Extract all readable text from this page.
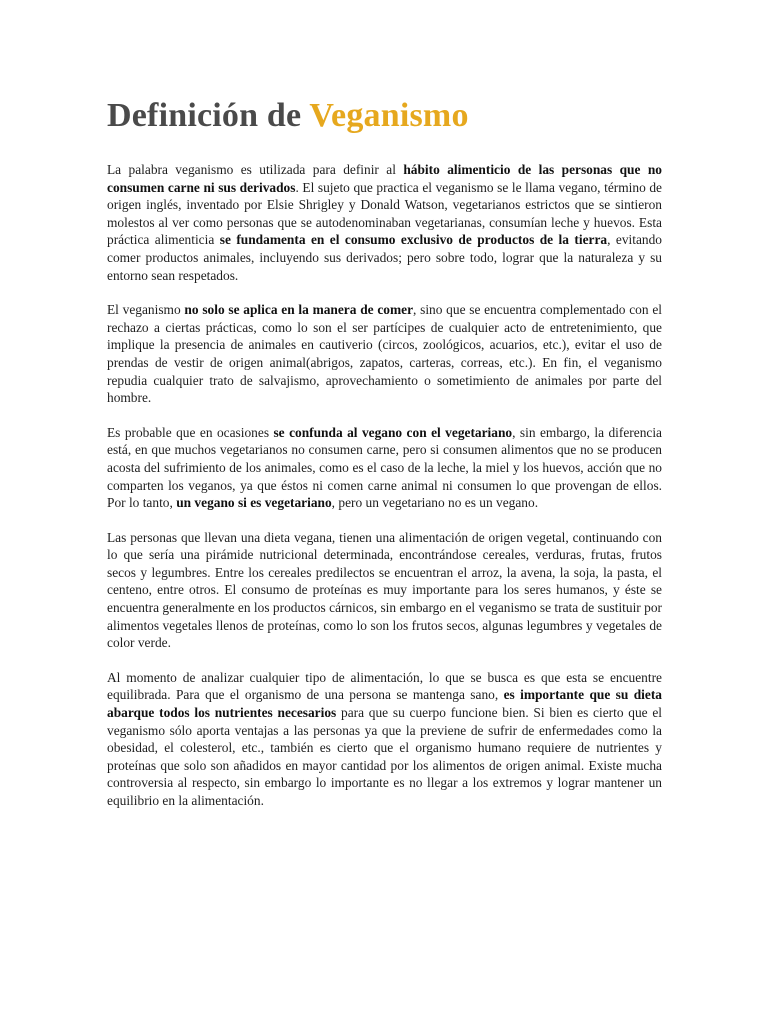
Definición de Veganismo

La palabra veganismo es utilizada para definir al hábito alimenticio de las personas que no consumen carne ni sus derivados. El sujeto que practica el veganismo se le llama vegano, término de origen inglés, inventado por Elsie Shrigley y Donald Watson, vegetarianos estrictos que se sintieron molestos al ver como personas que se autodenominaban vegetarianas, consumían leche y huevos. Esta práctica alimenticia se fundamenta en el consumo exclusivo de productos de la tierra, evitando comer productos animales, incluyendo sus derivados; pero sobre todo, lograr que la naturaleza y su entorno sean respetados.

El veganismo no solo se aplica en la manera de comer, sino que se encuentra complementado con el rechazo a ciertas prácticas, como lo son el ser partícipes de cualquier acto de entretenimiento, que implique la presencia de animales en cautiverio (circos, zoológicos, acuarios, etc.), evitar el uso de prendas de vestir de origen animal(abrigos, zapatos, carteras, correas, etc.). En fin, el veganismo repudia cualquier trato de salvajismo, aprovechamiento o sometimiento de animales por parte del hombre.

Es probable que en ocasiones se confunda al vegano con el vegetariano, sin embargo, la diferencia está, en que muchos vegetarianos no consumen carne, pero si consumen alimentos que no se producen acosta del sufrimiento de los animales, como es el caso de la leche, la miel y los huevos, acción que no comparten los veganos, ya que éstos ni comen carne animal ni consumen lo que provengan de ellos. Por lo tanto, un vegano si es vegetariano, pero un vegetariano no es un vegano.

Las personas que llevan una dieta vegana, tienen una alimentación de origen vegetal, continuando con lo que sería una pirámide nutricional determinada, encontrándose cereales, verduras, frutas, frutos secos y legumbres. Entre los cereales predilectos se encuentran el arroz, la avena, la soja, la pasta, el centeno, entre otros. El consumo de proteínas es muy importante para los seres humanos, y éste se encuentra generalmente en los productos cárnicos, sin embargo en el veganismo se trata de sustituir por alimentos vegetales llenos de proteínas, como lo son los frutos secos, algunas legumbres y vegetales de color verde.

Al momento de analizar cualquier tipo de alimentación, lo que se busca es que esta se encuentre equilibrada. Para que el organismo de una persona se mantenga sano, es importante que su dieta abarque todos los nutrientes necesarios para que su cuerpo funcione bien. Si bien es cierto que el veganismo sólo aporta ventajas a las personas ya que la previene de sufrir de enfermedades como la obesidad, el colesterol, etc., también es cierto que el organismo humano requiere de nutrientes y proteínas que solo son añadidos en mayor cantidad por los alimentos de origen animal. Existe mucha controversia al respecto, sin embargo lo importante es no llegar a los extremos y lograr mantener un equilibrio en la alimentación.
